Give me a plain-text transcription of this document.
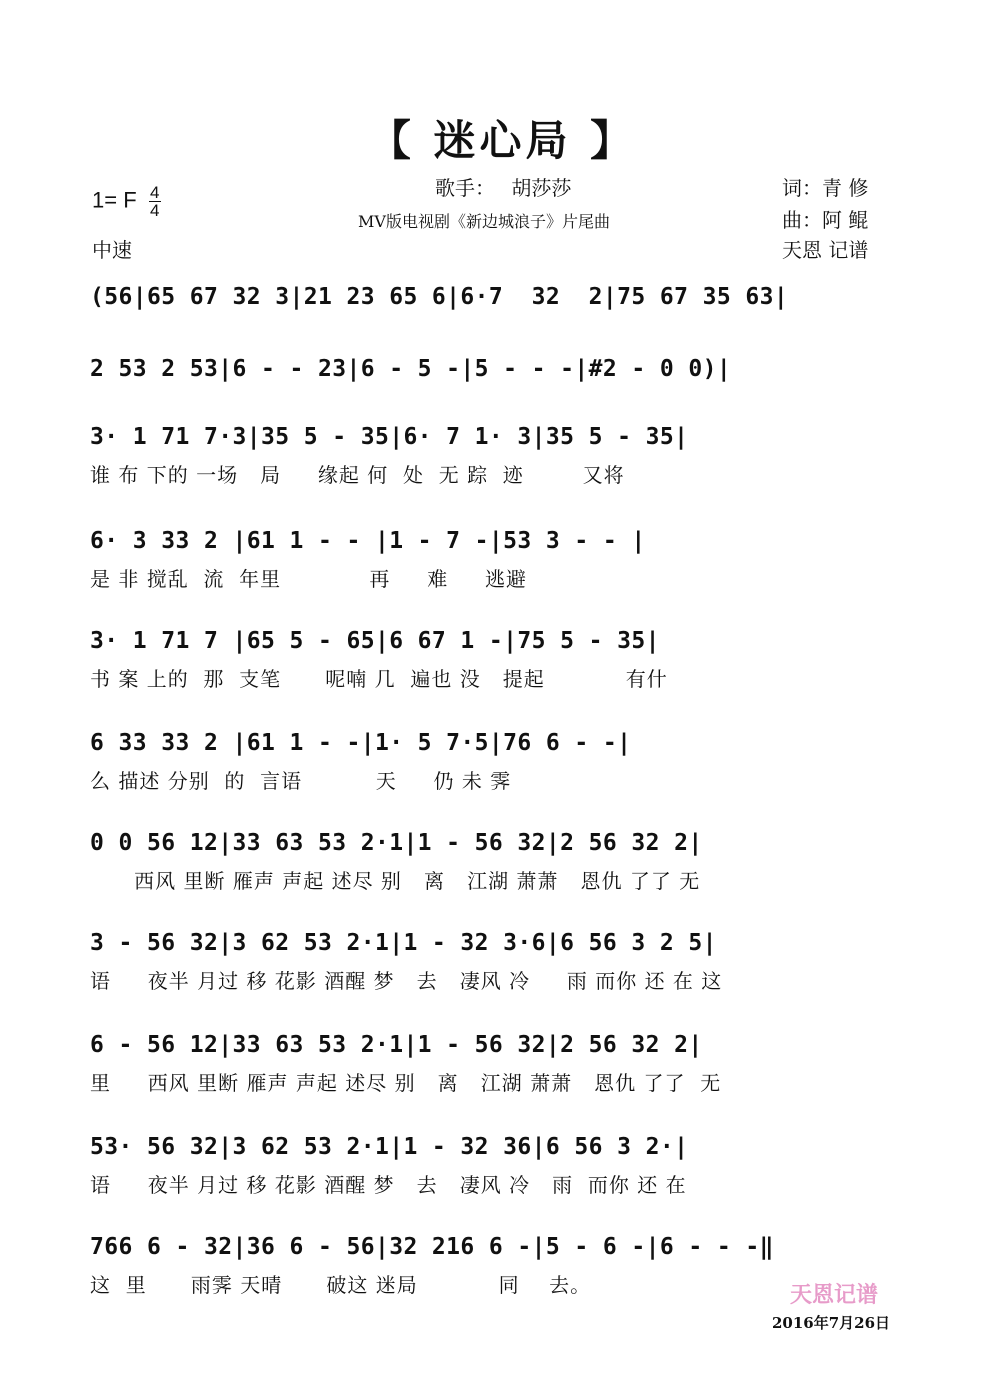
【 迷心局 】
歌手： 胡莎莎
MV版电视剧《新边城浪子》片尾曲
词：青 修
曲：阿 鲲
天恩 记谱
1= F $\frac{4}{4}$
中速
(56|65 67 32 3|21 23 65 6|6·7  32  2|75 67 35 63|
2 53 2 53|6 - - 23|6 - 5 -|5 - - -|#2 - 0 0)|
3· 1 71 7·3|35 5 - 35|6· 7 1· 3|35 5 - 35|
谁 布 下的 一场   局     缘起 何  处  无 踪  迹        又将
6· 3 33 2 |61 1 - - |1 - 7 -|53 3 - - |
是 非 搅乱  流  年里            再     难     逃避
3· 1 71 7 |65 5 - 65|6 67 1 -|75 5 - 35|
书 案 上的  那  支笔      呢喃 几  遍也 没   提起           有什
6 33 33 2 |61 1 - -|1· 5 7·5|76 6 - -|
么 描述 分别  的  言语          天     仍 未 霁
0 0 56 12|33 63 53 2·1|1 - 56 32|2 56 32 2|
西风 里断 雁声 声起 述尽 别   离   江湖 萧萧   恩仇 了了 无
3 - 56 32|3 62 53 2·1|1 - 32 3·6|6 56 3 2 5|
语     夜半 月过 移 花影 酒醒 梦   去   凄风 冷     雨 而你 还 在 这
6 - 56 12|33 63 53 2·1|1 - 56 32|2 56 32 2|
里     西风 里断 雁声 声起 述尽 别   离   江湖 萧萧   恩仇 了了  无
53· 56 32|3 62 53 2·1|1 - 32 36|6 56 3 2·|
语     夜半 月过 移 花影 酒醒 梦   去   凄风 冷   雨  而你 还 在
766 6 - 32|36 6 - 56|32 216 6 -|5 - 6 -|6 - - -‖
这  里      雨霁 天晴      破这 迷局           同    去。	天恩记谱
2016年7月26日
